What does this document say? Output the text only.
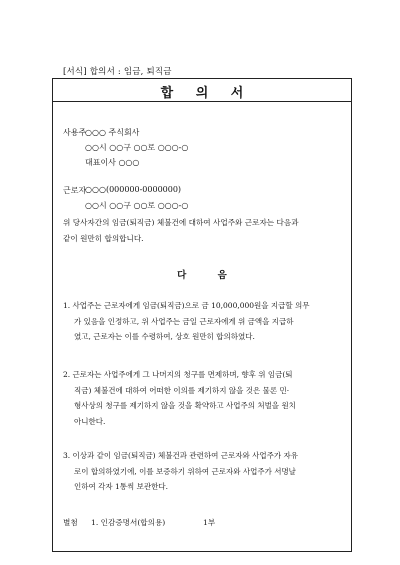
[서식] 합의서 : 임금, 퇴직금
합 의 서
사용주
○○○ 주식회사
○○시 ○○구 ○○로 ○○○-○
대표이사 ○○○
근로자
○○○(000000-0000000)
○○시 ○○구 ○○로 ○○○-○
위 당사자간의 임금(퇴직금) 체불건에 대하여 사업주와 근로자는 다음과
같이 원만히 합의합니다.
다 음
1. 사업주는 근로자에게 임금(퇴직금)으로 금 10,000,000원을 지급할 의무
가 있음을 인정하고, 위 사업주는 금일 근로자에게 위 금액을 지급하
였고, 근로자는 이를 수령하여, 상호 원만히 합의하였다.
2. 근로자는 사업주에게 그 나머지의 청구를 면제하며, 향후 위 임금(퇴
직금) 체불건에 대하여 어떠한 이의를 제기하지 않을 것은 물론 민·
형사상의 청구를 제기하지 않을 것을 확약하고 사업주의 처벌을 원치
아니한다.
3. 이상과 같이 임금(퇴직금) 체불건과 관련하여 근로자와 사업주가 자유
로이 합의하였기에, 이를 보증하기 위하여 근로자와 사업주가 서명날
인하여 각자 1통씩 보관한다.
별첨 1. 인감증명서(합의용)	1부
